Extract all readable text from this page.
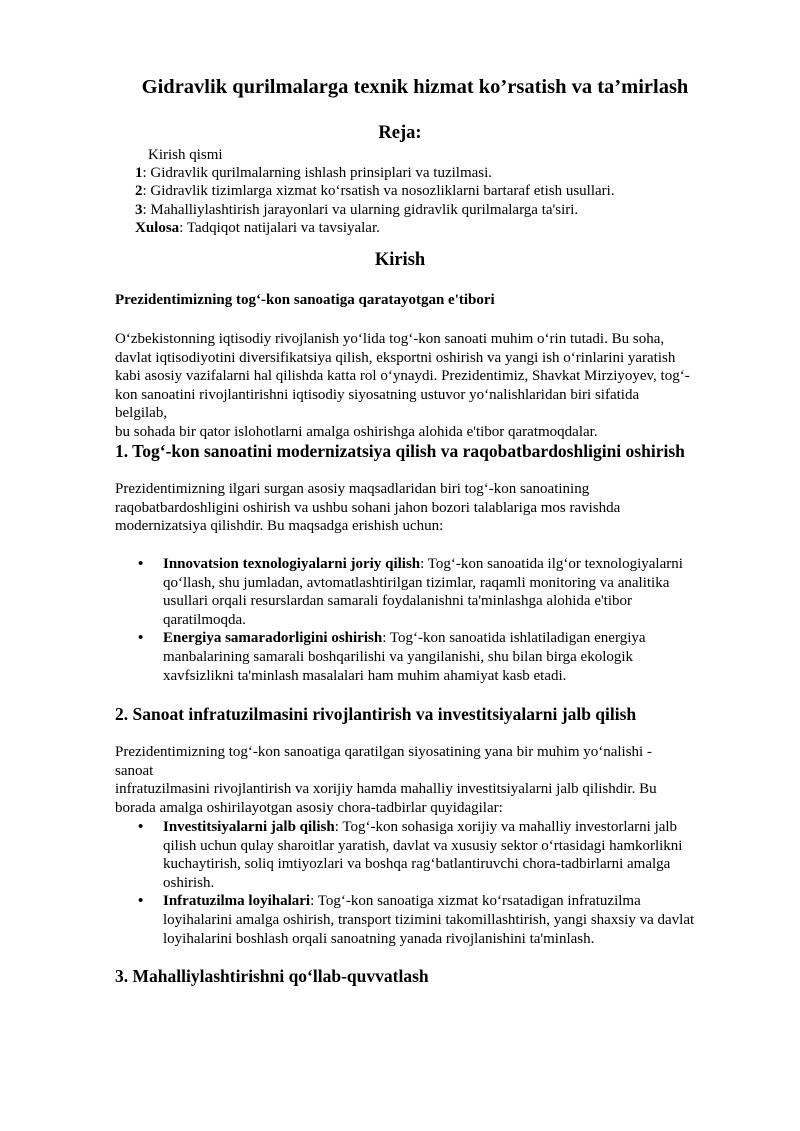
Gidravlik qurilmalarga texnik hizmat ko’rsatish va ta’mirlash
Reja:
Kirish qismi
1: Gidravlik qurilmalarning ishlash prinsiplari va tuzilmasi.
2: Gidravlik tizimlarga xizmat ko‘rsatish va nosozliklarni bartaraf etish usullari.
3: Mahalliylashtirish jarayonlari va ularning gidravlik qurilmalarga ta'siri.
Xulosa: Tadqiqot natijalari va tavsiyalar.
Kirish
Prezidentimizning tog‘-kon sanoatiga qaratayotgan e'tibori
O‘zbekistonning iqtisodiy rivojlanish yo‘lida tog‘-kon sanoati muhim o‘rin tutadi. Bu soha,
davlat iqtisodiyotini diversifikatsiya qilish, eksportni oshirish va yangi ish o‘rinlarini yaratish
kabi asosiy vazifalarni hal qilishda katta rol o‘ynaydi. Prezidentimiz, Shavkat Mirziyoyev, tog‘-
kon sanoatini rivojlantirishni iqtisodiy siyosatning ustuvor yo‘nalishlaridan biri sifatida belgilab,
bu sohada bir qator islohotlarni amalga oshirishga alohida e'tibor qaratmoqdalar.
1. Tog‘-kon sanoatini modernizatsiya qilish va raqobatbardoshligini oshirish
Prezidentimizning ilgari surgan asosiy maqsadlaridan biri tog‘-kon sanoatining
raqobatbardoshligini oshirish va ushbu sohani jahon bozori talablariga mos ravishda
modernizatsiya qilishdir. Bu maqsadga erishish uchun:
• Innovatsion texnologiyalarni joriy qilish: Tog‘-kon sanoatida ilg‘or texnologiyalarni
qo‘llash, shu jumladan, avtomatlashtirilgan tizimlar, raqamli monitoring va analitika
usullari orqali resurslardan samarali foydalanishni ta'minlashga alohida e'tibor
qaratilmoqda.
• Energiya samaradorligini oshirish: Tog‘-kon sanoatida ishlatiladigan energiya
manbalarining samarali boshqarilishi va yangilanishi, shu bilan birga ekologik
xavfsizlikni ta'minlash masalalari ham muhim ahamiyat kasb etadi.
2. Sanoat infratuzilmasini rivojlantirish va investitsiyalarni jalb qilish
Prezidentimizning tog‘-kon sanoatiga qaratilgan siyosatining yana bir muhim yo‘nalishi - sanoat
infratuzilmasini rivojlantirish va xorijiy hamda mahalliy investitsiyalarni jalb qilishdir. Bu
borada amalga oshirilayotgan asosiy chora-tadbirlar quyidagilar:
• Investitsiyalarni jalb qilish: Tog‘-kon sohasiga xorijiy va mahalliy investorlarni jalb
qilish uchun qulay sharoitlar yaratish, davlat va xususiy sektor o‘rtasidagi hamkorlikni
kuchaytirish, soliq imtiyozlari va boshqa rag‘batlantiruvchi chora-tadbirlarni amalga
oshirish.
• Infratuzilma loyihalari: Tog‘-kon sanoatiga xizmat ko‘rsatadigan infratuzilma
loyihalarini amalga oshirish, transport tizimini takomillashtirish, yangi shaxsiy va davlat
loyihalarini boshlash orqali sanoatning yanada rivojlanishini ta'minlash.
3. Mahalliylashtirishni qo‘llab-quvvatlash
